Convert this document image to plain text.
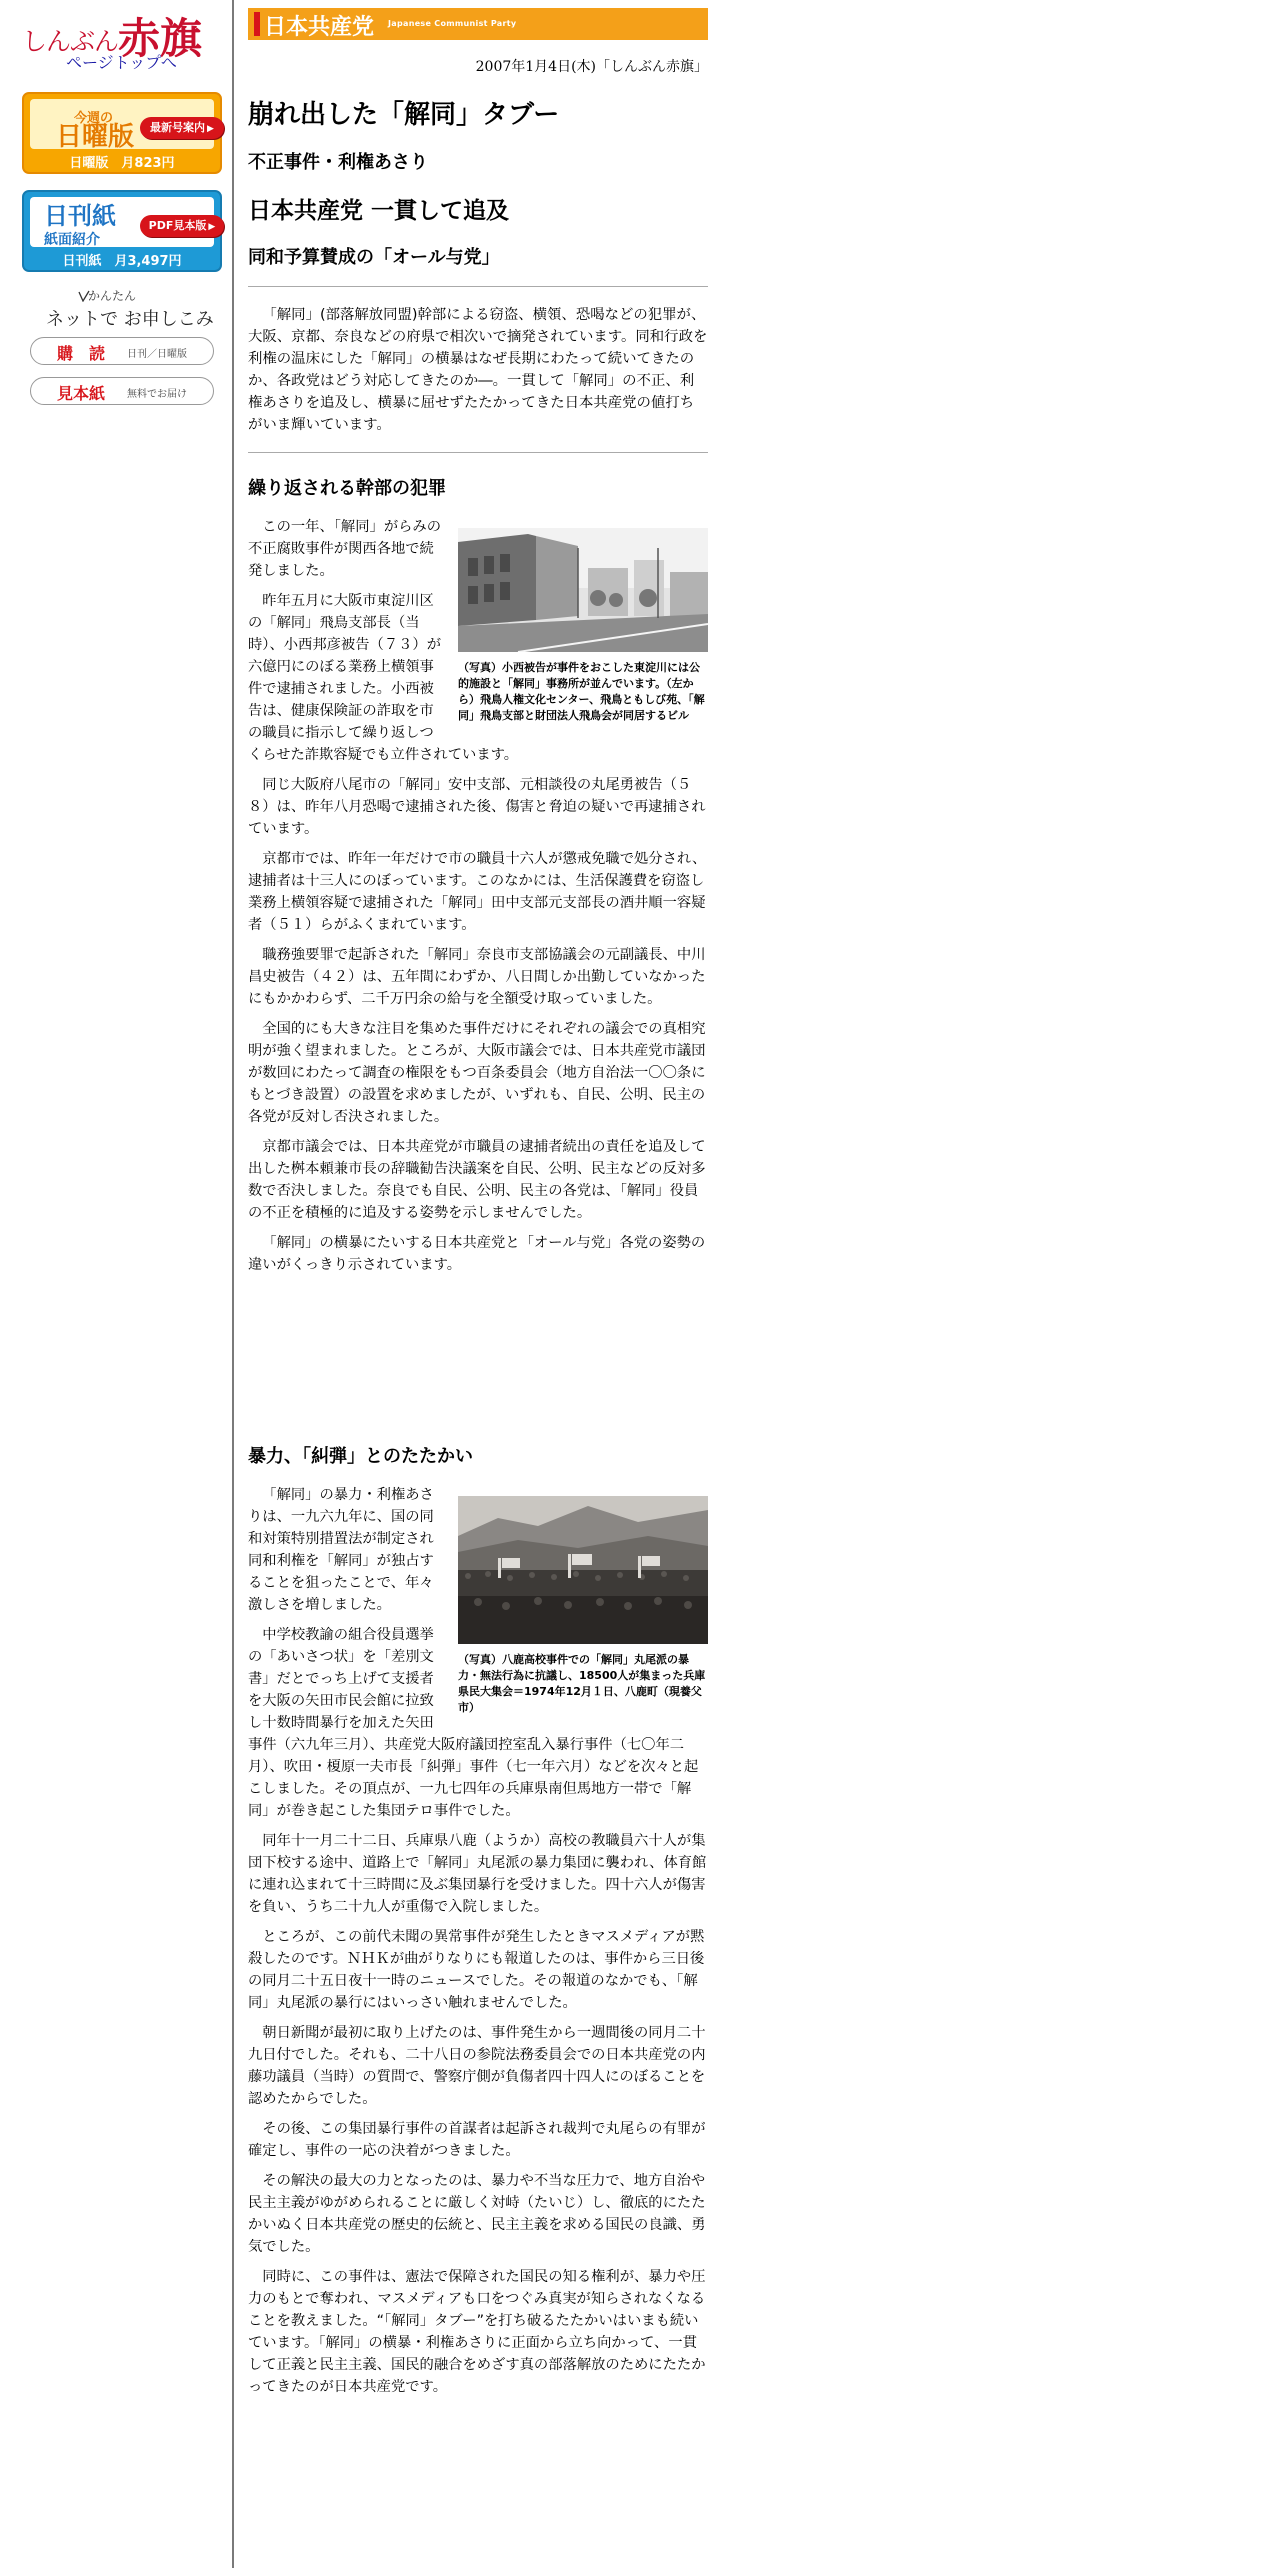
しんぶん赤旗
ページトップへ
今週の
日曜版	最新号案内 ▶
日曜版　月823円
日刊紙
紙面紹介
PDF見本版 ▶
日刊紙　月3,497円
かんたん
ネットで お申しこみ
購　読 日刊／日曜版
見本紙 無料でお届け
日本共産党 Japanese Communist Party
2007年1月4日(木)「しんぶん赤旗」
崩れ出した「解同」タブー
不正事件・利権あさり
日本共産党 一貫して追及
同和予算賛成の「オール与党」
「解同」(部落解放同盟)幹部による窃盗、横領、恐喝などの犯罪が、大阪、京都、奈良などの府県で相次いで摘発されています。同和行政を利権の温床にした「解同」の横暴はなぜ長期にわたって続いてきたのか、各政党はどう対応してきたのか―。一貫して「解同」の不正、利権あさりを追及し、横暴に屈せずたたかってきた日本共産党の値打ちがいま輝いています。
繰り返される幹部の犯罪
（写真）小西被告が事件をおこした東淀川には公的施設と「解同」事務所が並んでいます。（左から）飛鳥人権文化センター、飛鳥ともしび苑、「解同」飛鳥支部と財団法人飛鳥会が同居するビル

この一年、「解同」がらみの不正腐敗事件が関西各地で続発しました。

昨年五月に大阪市東淀川区の「解同」飛鳥支部長（当時）、小西邦彦被告（７３）が六億円にのぼる業務上横領事件で逮捕されました。小西被告は、健康保険証の詐取を市の職員に指示して繰り返しつくらせた詐欺容疑でも立件されています。

同じ大阪府八尾市の「解同」安中支部、元相談役の丸尾勇被告（５８）は、昨年八月恐喝で逮捕された後、傷害と脅迫の疑いで再逮捕されています。

京都市では、昨年一年だけで市の職員十六人が懲戒免職で処分され、逮捕者は十三人にのぼっています。このなかには、生活保護費を窃盗し業務上横領容疑で逮捕された「解同」田中支部元支部長の酒井順一容疑者（５１）らがふくまれています。

職務強要罪で起訴された「解同」奈良市支部協議会の元副議長、中川昌史被告（４２）は、五年間にわずか、八日間しか出勤していなかったにもかかわらず、二千万円余の給与を全額受け取っていました。

全国的にも大きな注目を集めた事件だけにそれぞれの議会での真相究明が強く望まれました。ところが、大阪市議会では、日本共産党市議団が数回にわたって調査の権限をもつ百条委員会（地方自治法一〇〇条にもとづき設置）の設置を求めましたが、いずれも、自民、公明、民主の各党が反対し否決されました。

京都市議会では、日本共産党が市職員の逮捕者続出の責任を追及して出した桝本頼兼市長の辞職勧告決議案を自民、公明、民主などの反対多数で否決しました。奈良でも自民、公明、民主の各党は、「解同」役員の不正を積極的に追及する姿勢を示しませんでした。

「解同」の横暴にたいする日本共産党と「オール与党」各党の姿勢の違いがくっきり示されています。

暴力、「糾弾」とのたたかい
（写真）八鹿高校事件での「解同」丸尾派の暴力・無法行為に抗議し、18500人が集まった兵庫県民大集会＝1974年12月１日、八鹿町（現養父市）

「解同」の暴力・利権あさりは、一九六九年に、国の同和対策特別措置法が制定され同和利権を「解同」が独占することを狙ったことで、年々激しさを増しました。

中学校教諭の組合役員選挙の「あいさつ状」を「差別文書」だとでっち上げて支援者を大阪の矢田市民会館に拉致し十数時間暴行を加えた矢田事件（六九年三月）、共産党大阪府議団控室乱入暴行事件（七〇年二月）、吹田・榎原一夫市長「糾弾」事件（七一年六月）などを次々と起こしました。その頂点が、一九七四年の兵庫県南但馬地方一帯で「解同」が巻き起こした集団テロ事件でした。

同年十一月二十二日、兵庫県八鹿（ようか）高校の教職員六十人が集団下校する途中、道路上で「解同」丸尾派の暴力集団に襲われ、体育館に連れ込まれて十三時間に及ぶ集団暴行を受けました。四十六人が傷害を負い、うち二十九人が重傷で入院しました。

ところが、この前代未聞の異常事件が発生したときマスメディアが黙殺したのです。ＮＨＫが曲がりなりにも報道したのは、事件から三日後の同月二十五日夜十一時のニュースでした。その報道のなかでも、「解同」丸尾派の暴行にはいっさい触れませんでした。

朝日新聞が最初に取り上げたのは、事件発生から一週間後の同月二十九日付でした。それも、二十八日の参院法務委員会での日本共産党の内藤功議員（当時）の質問で、警察庁側が負傷者四十四人にのぼることを認めたからでした。

その後、この集団暴行事件の首謀者は起訴され裁判で丸尾らの有罪が確定し、事件の一応の決着がつきました。

その解決の最大の力となったのは、暴力や不当な圧力で、地方自治や民主主義がゆがめられることに厳しく対峙（たいじ）し、徹底的にたたかいぬく日本共産党の歴史的伝統と、民主主義を求める国民の良識、勇気でした。

同時に、この事件は、憲法で保障された国民の知る権利が、暴力や圧力のもとで奪われ、マスメディアも口をつぐみ真実が知らされなくなることを教えました。“「解同」タブー”を打ち破るたたかいはいまも続いています。「解同」の横暴・利権あさりに正面から立ち向かって、一貫して正義と民主主義、国民的融合をめざす真の部落解放のためにたたかってきたのが日本共産党です。
